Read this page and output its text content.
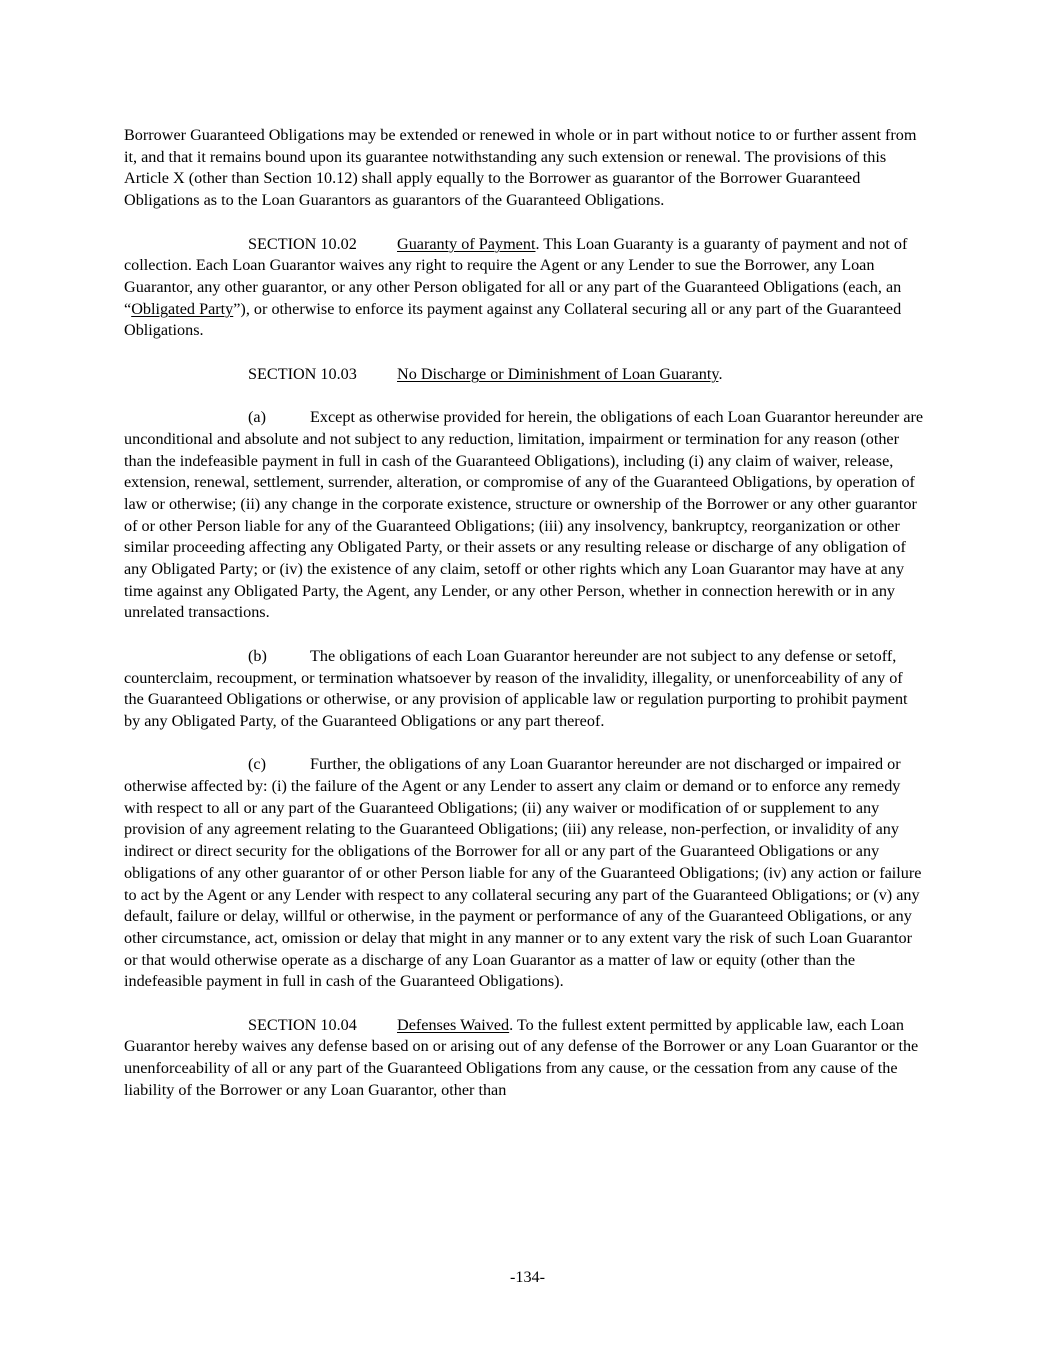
Borrower Guaranteed Obligations may be extended or renewed in whole or in part without notice to or further assent from it, and that it remains bound upon its guarantee notwithstanding any such extension or renewal. The provisions of this Article X (other than Section 10.12) shall apply equally to the Borrower as guarantor of the Borrower Guaranteed Obligations as to the Loan Guarantors as guarantors of the Guaranteed Obligations.

SECTION 10.02 Guaranty of Payment. This Loan Guaranty is a guaranty of payment and not of collection. Each Loan Guarantor waives any right to require the Agent or any Lender to sue the Borrower, any Loan Guarantor, any other guarantor, or any other Person obligated for all or any part of the Guaranteed Obligations (each, an “Obligated Party”), or otherwise to enforce its payment against any Collateral securing all or any part of the Guaranteed Obligations.

SECTION 10.03 No Discharge or Diminishment of Loan Guaranty.

(a)	Except as otherwise provided for herein, the obligations of each Loan Guarantor hereunder are unconditional and absolute and not subject to any reduction, limitation, impairment or termination for any reason (other than the indefeasible payment in full in cash of the Guaranteed Obligations), including (i) any claim of waiver, release, extension, renewal, settlement, surrender, alteration, or compromise of any of the Guaranteed Obligations, by operation of law or otherwise; (ii) any change in the corporate existence, structure or ownership of the Borrower or any other guarantor of or other Person liable for any of the Guaranteed Obligations; (iii) any insolvency, bankruptcy, reorganization or other similar proceeding affecting any Obligated Party, or their assets or any resulting release or discharge of any obligation of any Obligated Party; or (iv) the existence of any claim, setoff or other rights which any Loan Guarantor may have at any time against any Obligated Party, the Agent, any Lender, or any other Person, whether in connection herewith or in any unrelated transactions.

(b)	The obligations of each Loan Guarantor hereunder are not subject to any defense or setoff, counterclaim, recoupment, or termination whatsoever by reason of the invalidity, illegality, or unenforceability of any of the Guaranteed Obligations or otherwise, or any provision of applicable law or regulation purporting to prohibit payment by any Obligated Party, of the Guaranteed Obligations or any part thereof.

(c)	Further, the obligations of any Loan Guarantor hereunder are not discharged or impaired or otherwise affected by: (i) the failure of the Agent or any Lender to assert any claim or demand or to enforce any remedy with respect to all or any part of the Guaranteed Obligations; (ii) any waiver or modification of or supplement to any provision of any agreement relating to the Guaranteed Obligations; (iii) any release, non-perfection, or invalidity of any indirect or direct security for the obligations of the Borrower for all or any part of the Guaranteed Obligations or any obligations of any other guarantor of or other Person liable for any of the Guaranteed Obligations; (iv) any action or failure to act by the Agent or any Lender with respect to any collateral securing any part of the Guaranteed Obligations; or (v) any default, failure or delay, willful or otherwise, in the payment or performance of any of the Guaranteed Obligations, or any other circumstance, act, omission or delay that might in any manner or to any extent vary the risk of such Loan Guarantor or that would otherwise operate as a discharge of any Loan Guarantor as a matter of law or equity (other than the indefeasible payment in full in cash of the Guaranteed Obligations).

SECTION 10.04 Defenses Waived. To the fullest extent permitted by applicable law, each Loan Guarantor hereby waives any defense based on or arising out of any defense of the Borrower or any Loan Guarantor or the unenforceability of all or any part of the Guaranteed Obligations from any cause, or the cessation from any cause of the liability of the Borrower or any Loan Guarantor, other than

-134-
